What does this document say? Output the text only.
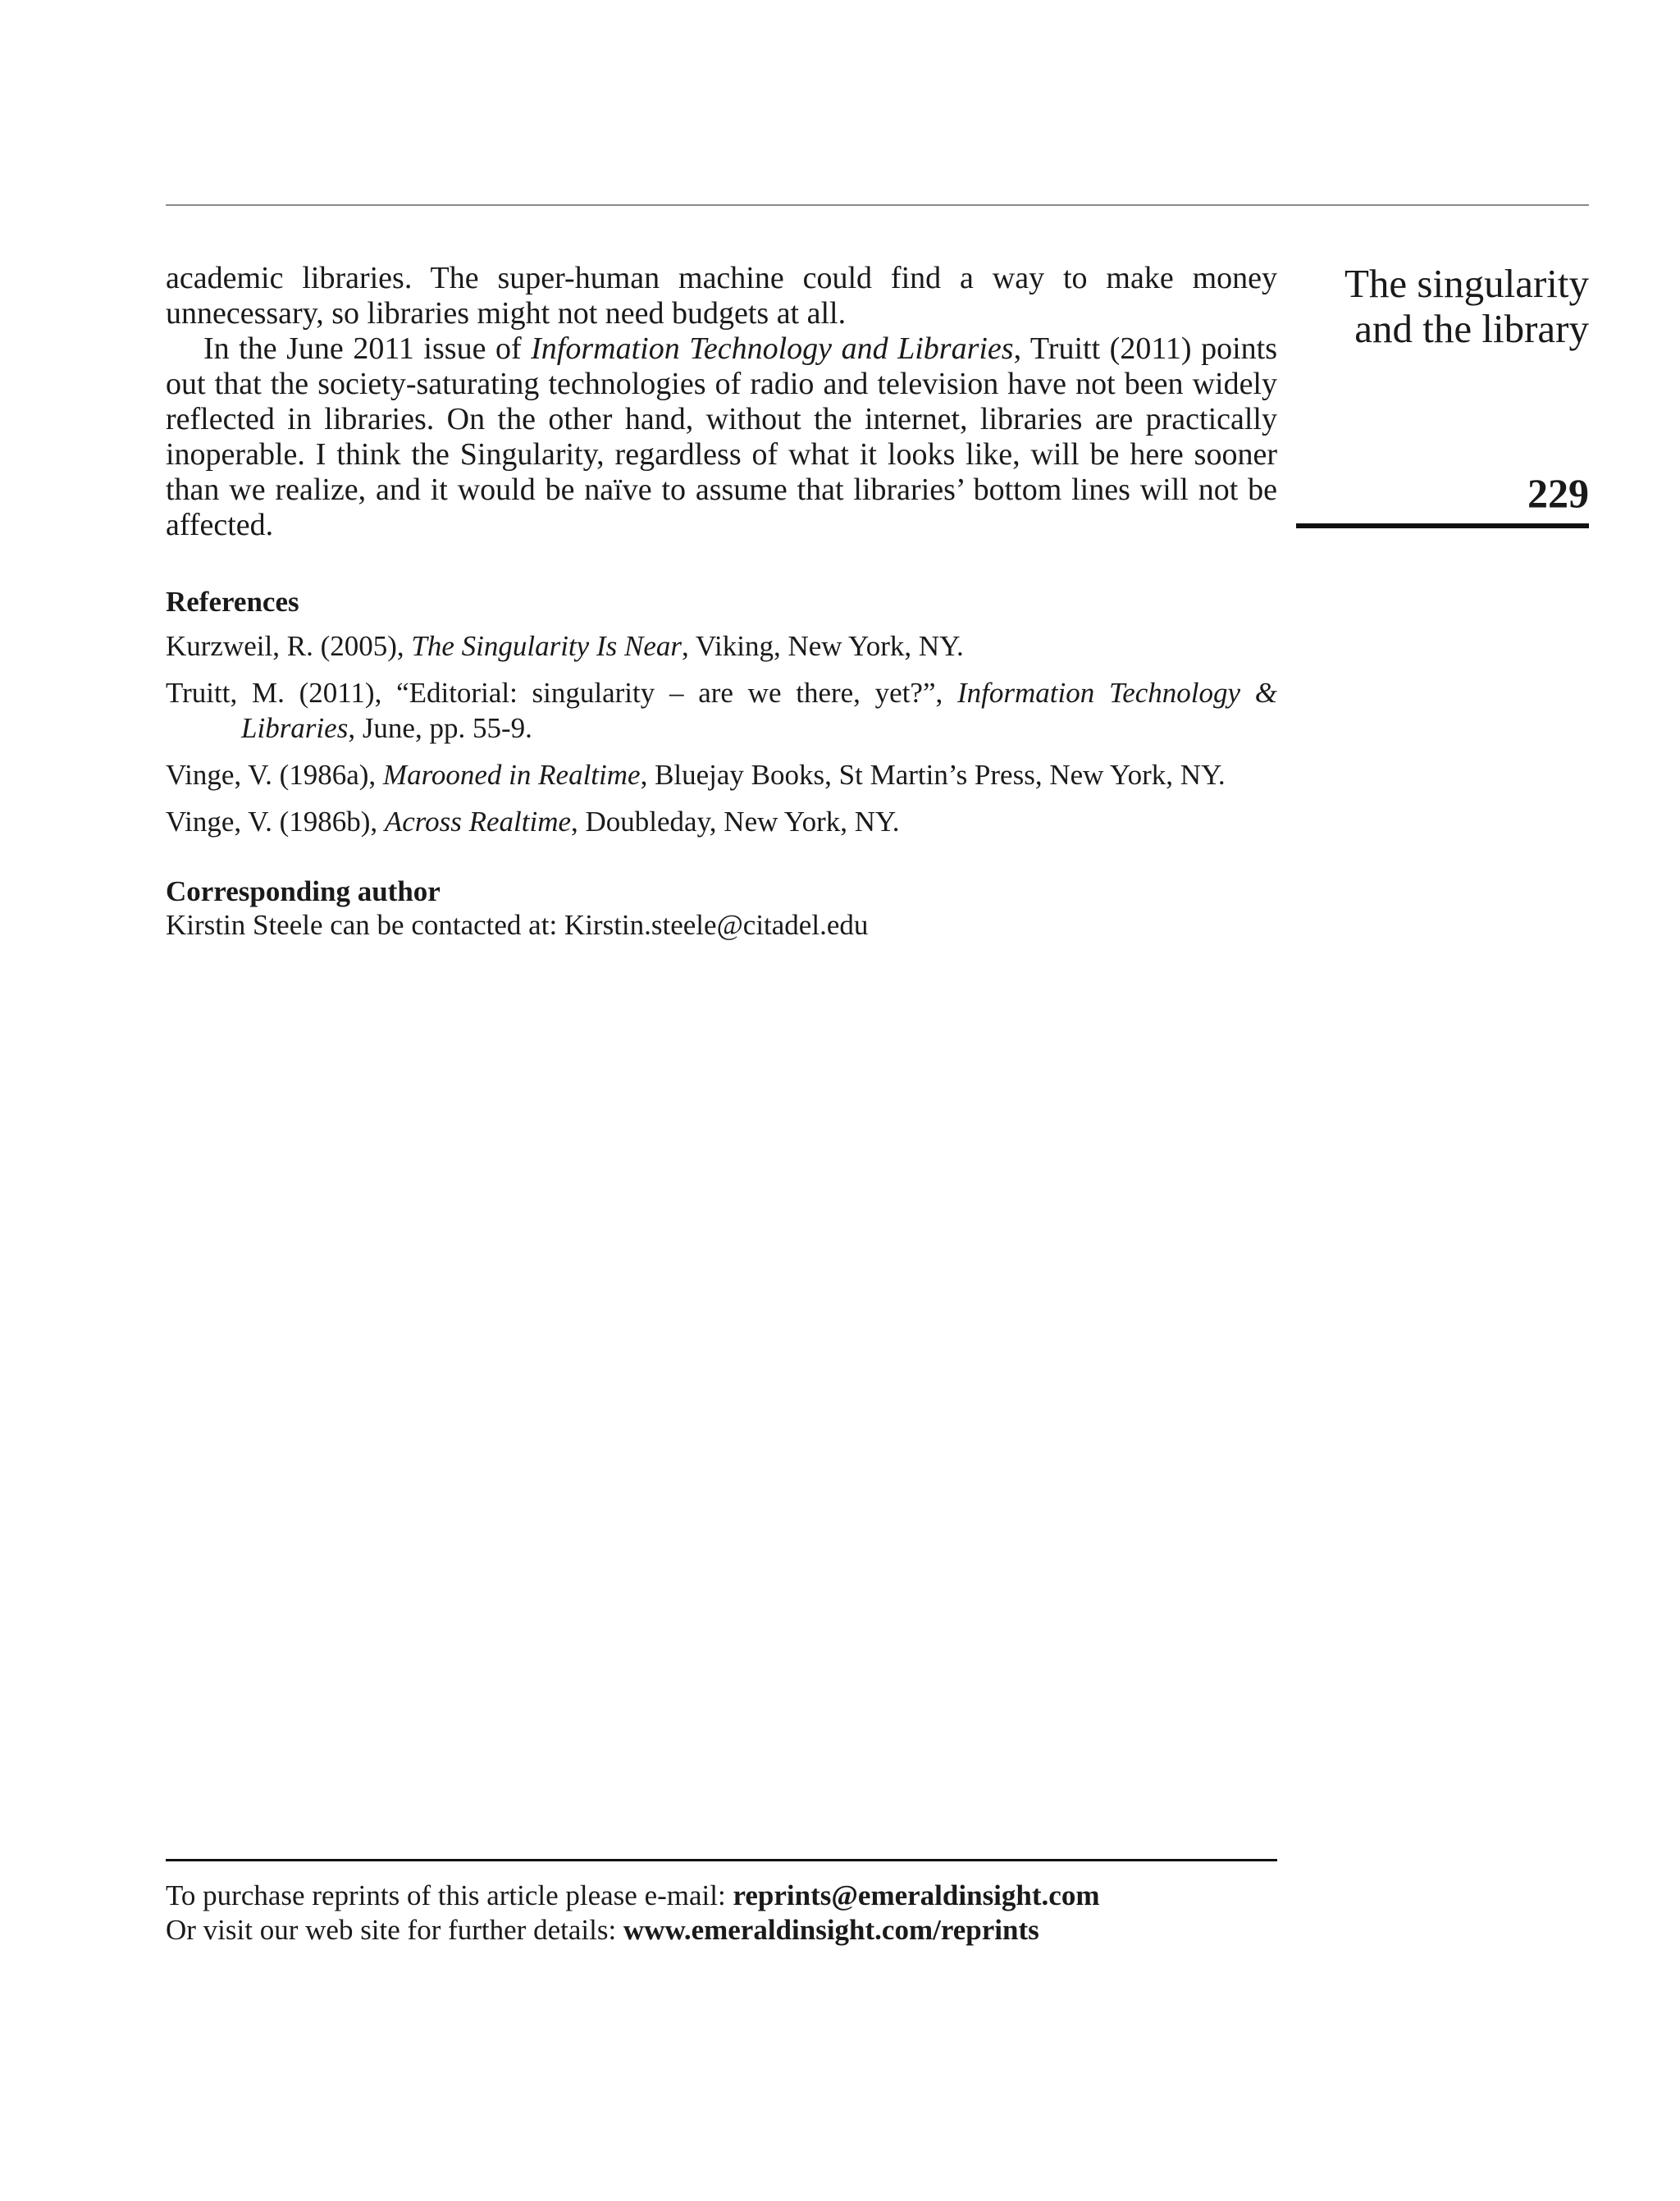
academic libraries. The super-human machine could find a way to make money unnecessary, so libraries might not need budgets at all.

In the June 2011 issue of Information Technology and Libraries, Truitt (2011) points out that the society-saturating technologies of radio and television have not been widely reflected in libraries. On the other hand, without the internet, libraries are practically inoperable. I think the Singularity, regardless of what it looks like, will be here sooner than we realize, and it would be naïve to assume that libraries’ bottom lines will not be affected.

References

Kurzweil, R. (2005), The Singularity Is Near, Viking, New York, NY.

Truitt, M. (2011), “Editorial: singularity – are we there, yet?”, Information Technology & Libraries, June, pp. 55-9.

Vinge, V. (1986a), Marooned in Realtime, Bluejay Books, St Martin’s Press, New York, NY.

Vinge, V. (1986b), Across Realtime, Doubleday, New York, NY.

Corresponding author

Kirstin Steele can be contacted at: Kirstin.steele@citadel.edu

The singularity

and the library

229

To purchase reprints of this article please e-mail: reprints@emeraldinsight.com

Or visit our web site for further details: www.emeraldinsight.com/reprints
